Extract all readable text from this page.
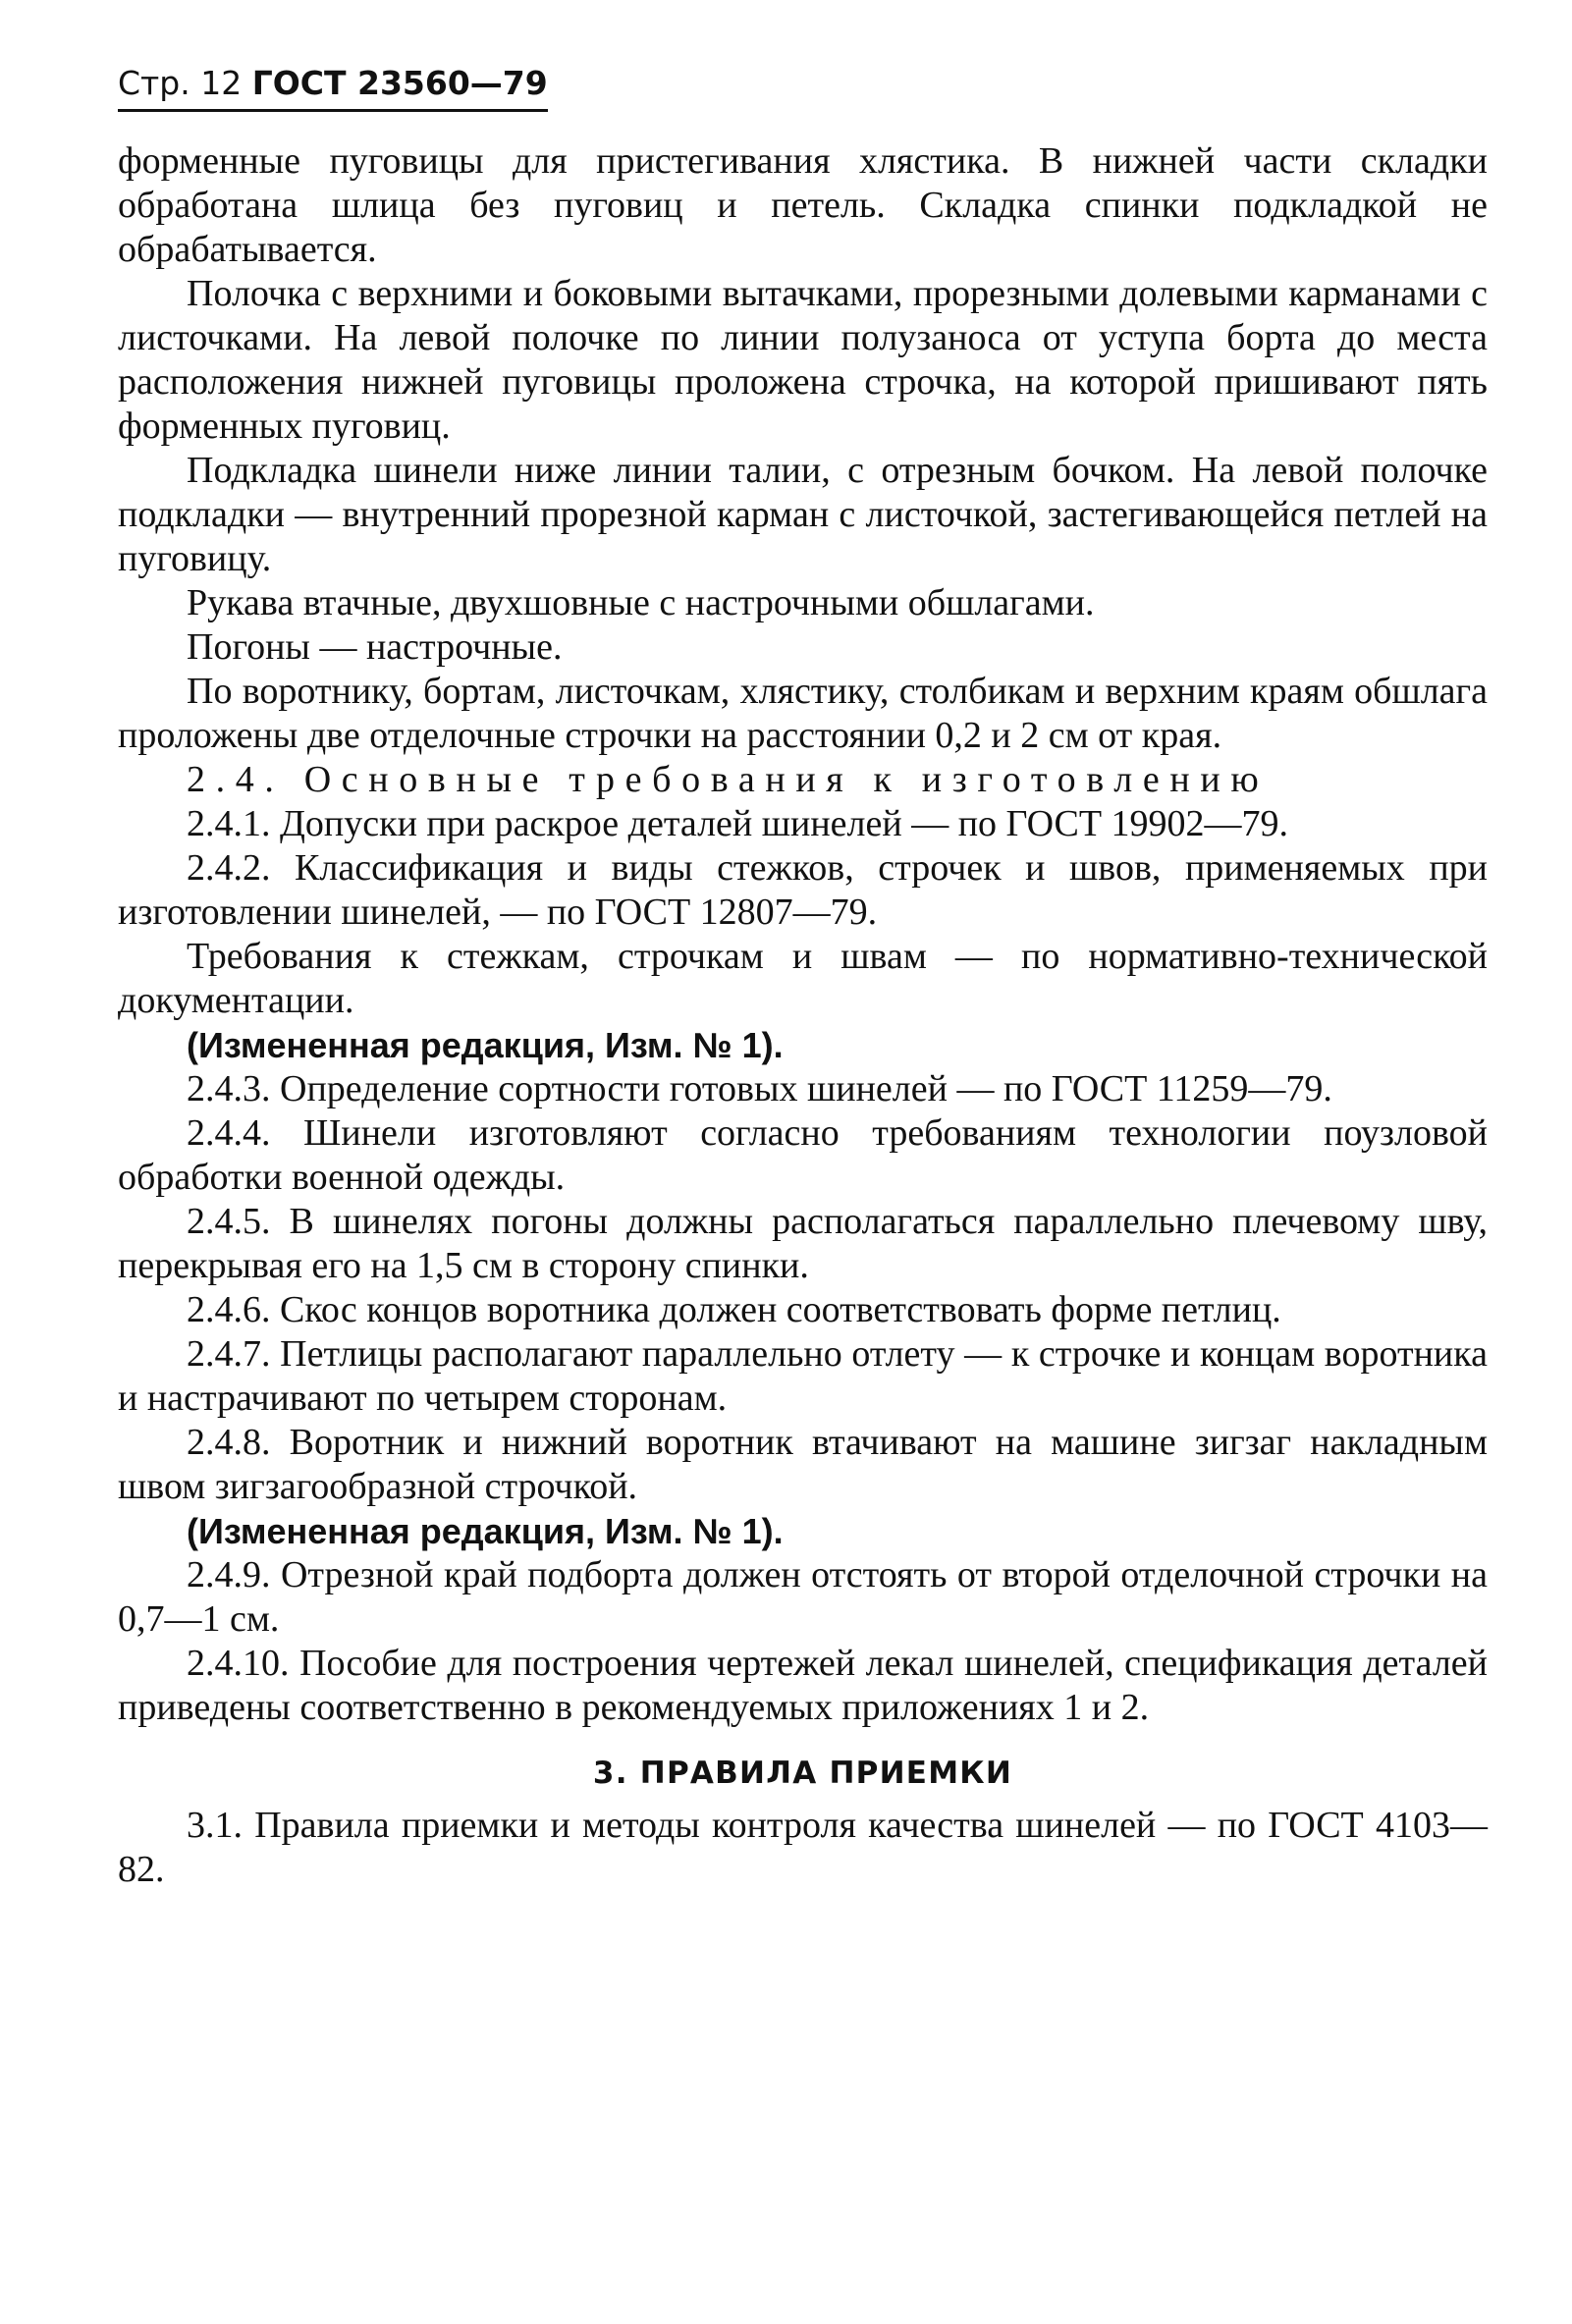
Стр. 12 ГОСТ 23560—79

форменные пуговицы для пристегивания хлястика. В нижней части складки обработана шлица без пуговиц и петель. Складка спинки подкладкой не обрабатывается.

Полочка с верхними и боковыми вытачками, прорезными долевыми карманами с листочками. На левой полочке по линии полузаноса от уступа борта до места расположения нижней пуговицы проложена строчка, на которой пришивают пять форменных пуговиц.

Подкладка шинели ниже линии талии, с отрезным бочком. На левой полочке подкладки — внутренний прорезной карман с листочкой, застегивающейся петлей на пуговицу.

Рукава втачные, двухшовные с настрочными обшлагами.

Погоны — настрочные.

По воротнику, бортам, листочкам, хлястику, столбикам и верхним краям обшлага проложены две отделочные строчки на расстоянии 0,2 и 2 см от края.

2.4. Основные требования к изготовлению

2.4.1. Допуски при раскрое деталей шинелей — по ГОСТ 19902—79.

2.4.2. Классификация и виды стежков, строчек и швов, применяемых при изготовлении шинелей, — по ГОСТ 12807—79.

Требования к стежкам, строчкам и швам — по нормативно-технической документации.

(Измененная редакция, Изм. № 1).

2.4.3. Определение сортности готовых шинелей — по ГОСТ 11259—79.

2.4.4. Шинели изготовляют согласно требованиям технологии поузловой обработки военной одежды.

2.4.5. В шинелях погоны должны располагаться параллельно плечевому шву, перекрывая его на 1,5 см в сторону спинки.

2.4.6. Скос концов воротника должен соответствовать форме петлиц.

2.4.7. Петлицы располагают параллельно отлету — к строчке и концам воротника и настрачивают по четырем сторонам.

2.4.8. Воротник и нижний воротник втачивают на машине зигзаг накладным швом зигзагообразной строчкой.

(Измененная редакция, Изм. № 1).

2.4.9. Отрезной край подборта должен отстоять от второй отделочной строчки на 0,7—1 см.

2.4.10. Пособие для построения чертежей лекал шинелей, спецификация деталей приведены соответственно в рекомендуемых приложениях 1 и 2.

3. ПРАВИЛА ПРИЕМКИ

3.1. Правила приемки и методы контроля качества шинелей — по ГОСТ 4103—82.
